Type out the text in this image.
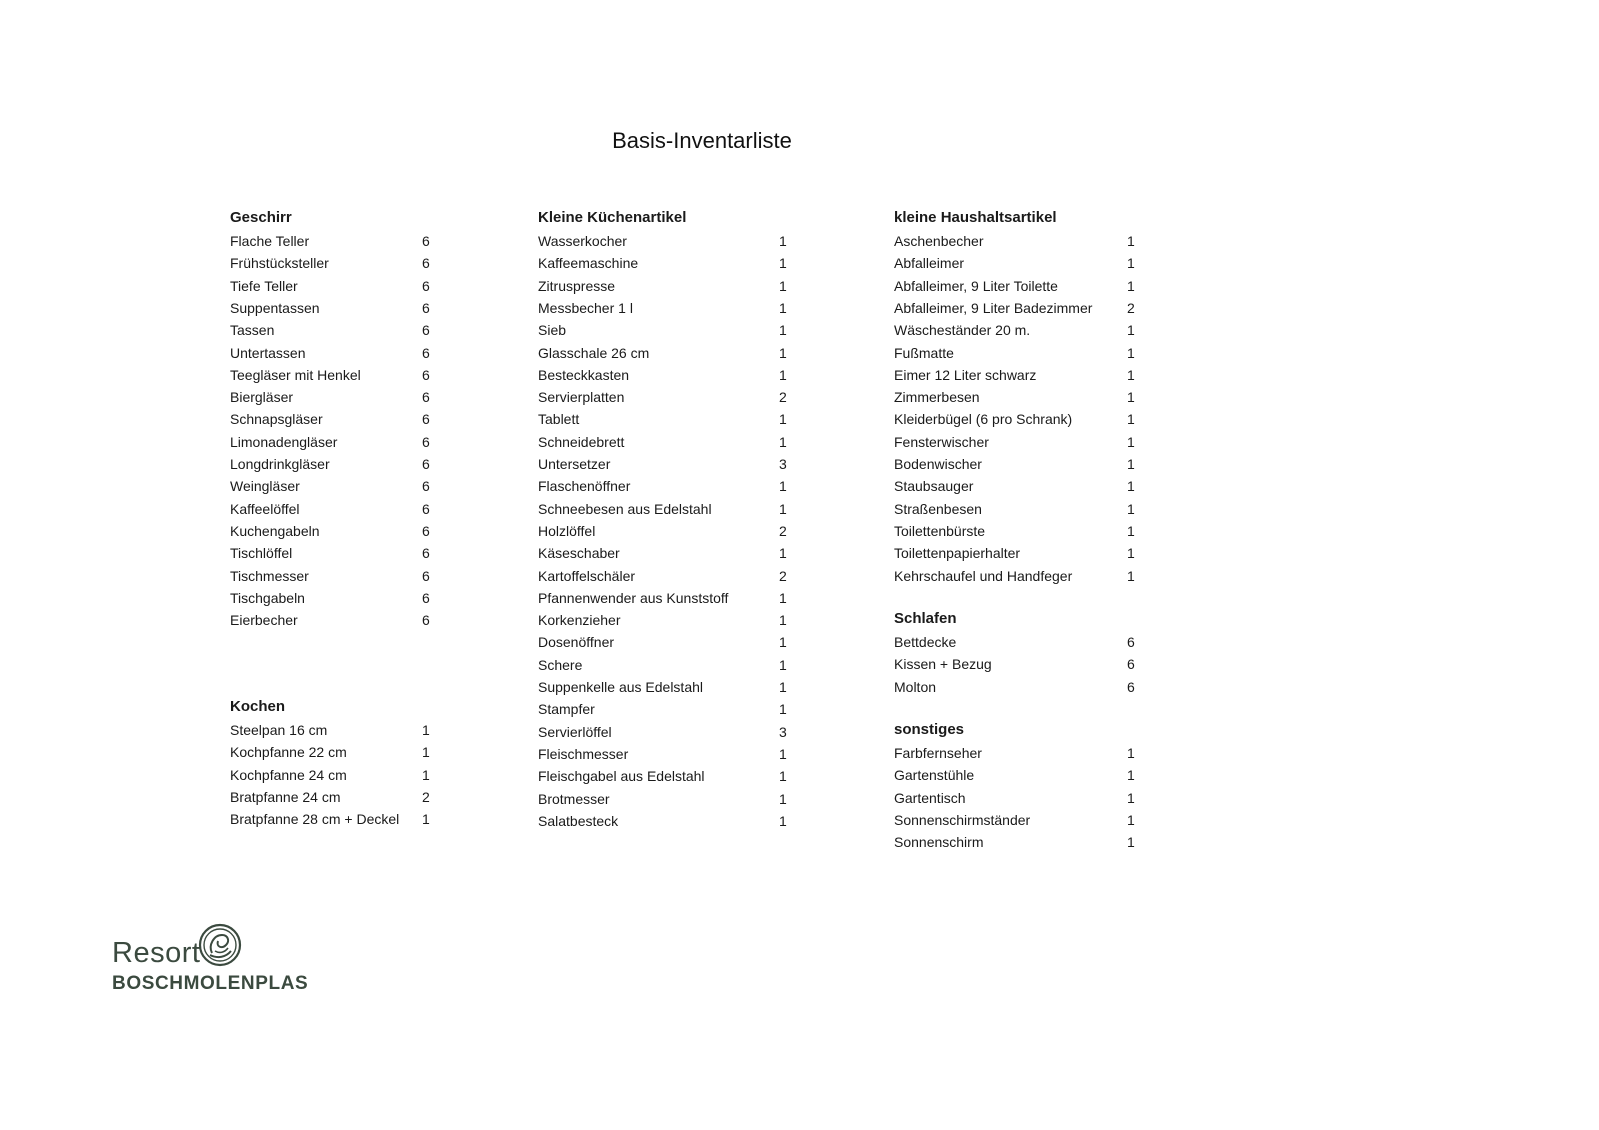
Basis-Inventarliste
Geschirr
Flache Teller	6
Frühstücksteller	6
Tiefe Teller	6
Suppentassen	6
Tassen	6
Untertassen	6
Teegläser mit Henkel	6
Biergläser	6
Schnapsgläser	6
Limonadengläser	6
Longdrinkgläser	6
Weingläser	6
Kaffeelöffel	6
Kuchengabeln	6
Tischlöffel	6
Tischmesser	6
Tischgabeln	6
Eierbecher	6
Kochen
Steelpan 16 cm	1
Kochpfanne 22 cm	1
Kochpfanne 24 cm	1
Bratpfanne 24 cm	2
Bratpfanne 28 cm + Deckel 1
Kleine Küchenartikel
Wasserkocher	1
Kaffeemaschine	1
Zitruspresse	1
Messbecher 1 l	1
Sieb	1
Glasschale 26 cm	1
Besteckkasten	1
Servierplatten	2
Tablett	1
Schneidebrett	1
Untersetzer	3
Flaschenöffner	1
Schneebesen aus Edelstahl	1
Holzlöffel	2
Käseschaber	1
Kartoffelschäler	2
Pfannenwender aus Kunststoff	1
Korkenzieher	1
Dosenöffner	1
Schere	1
Suppenkelle aus Edelstahl	1
Stampfer	1
Servierlöffel	3
Fleischmesser	1
Fleischgabel aus Edelstahl	1
Brotmesser	1
Salatbesteck	1
kleine Haushaltsartikel
Aschenbecher	1
Abfalleimer	1
Abfalleimer, 9 Liter Toilette	1
Abfalleimer, 9 Liter Badezimmer 2
Wäscheständer 20 m.	1
Fußmatte	1
Eimer 12 Liter schwarz	1
Zimmerbesen	1
Kleiderbügel (6 pro Schrank)	1
Fensterwischer	1
Bodenwischer	1
Staubsauger	1
Straßenbesen	1
Toilettenbürste	1
Toilettenpapierhalter	1
Kehrschaufel und Handfeger	1
Schlafen
Bettdecke	6
Kissen + Bezug	6
Molton	6
sonstiges
Farbfernseher	1
Gartenstühle	1
Gartentisch	1
Sonnenschirmständer	1
Sonnenschirm	1
Resort
BOSCHMOLENPLAS
